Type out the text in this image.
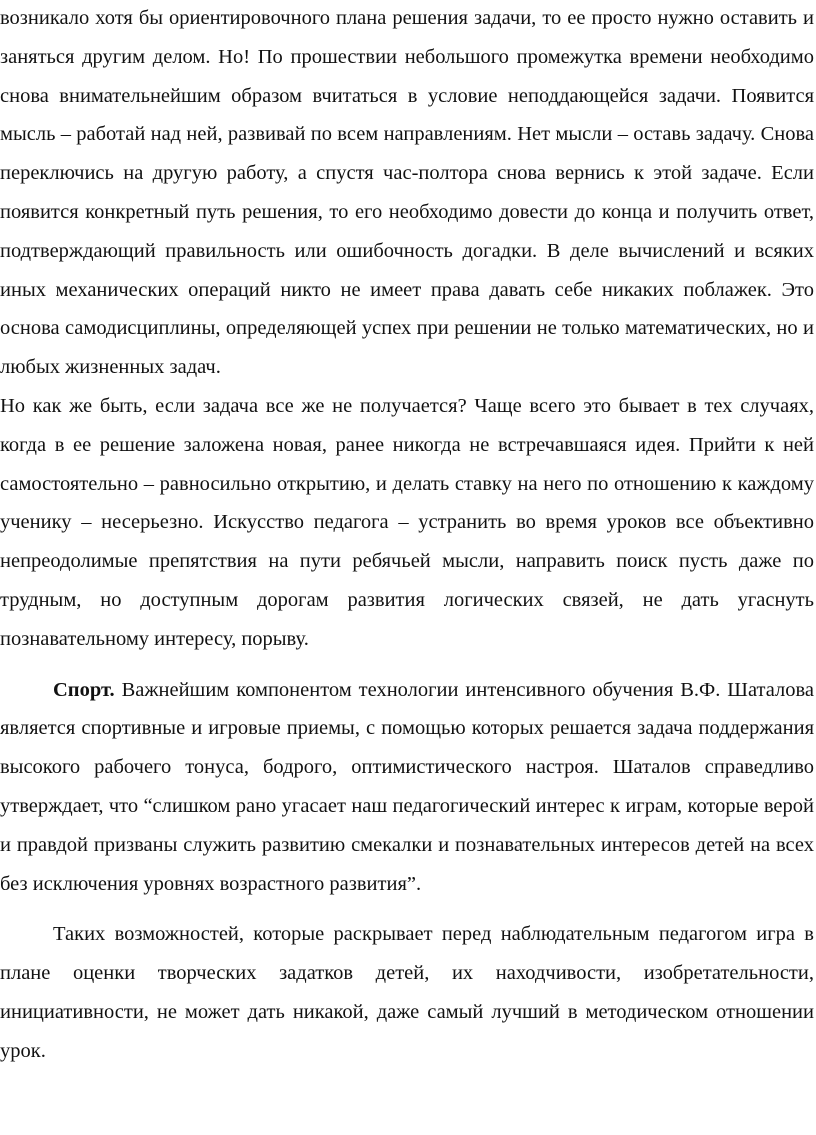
возникало хотя бы ориентировочного плана решения задачи, то ее просто нужно оставить и заняться другим делом. Но! По прошествии небольшого промежутка времени необходимо снова внимательнейшим образом вчитаться в условие неподдающейся задачи. Появится мысль – работай над ней, развивай по всем направлениям. Нет мысли – оставь задачу. Снова переключись на другую работу, а спустя час-полтора снова вернись к этой задаче. Если появится конкретный путь решения, то его необходимо довести до конца и получить ответ, подтверждающий правильность или ошибочность догадки. В деле вычислений и всяких иных механических операций никто не имеет права давать себе никаких поблажек. Это основа самодисциплины, определяющей успех при решении не только математических, но и любых жизненных задач.

Но как же быть, если задача все же не получается? Чаще всего это бывает в тех случаях, когда в ее решение заложена новая, ранее никогда не встречавшаяся идея. Прийти к ней самостоятельно – равносильно открытию, и делать ставку на него по отношению к каждому ученику – несерьезно. Искусство педагога – устранить во время уроков все объективно непреодолимые препятствия на пути ребячьей мысли, направить поиск пусть даже по трудным, но доступным дорогам развития логических связей, не дать угаснуть познавательному интересу, порыву.

Спорт. Важнейшим компонентом технологии интенсивного обучения В.Ф. Шаталова является спортивные и игровые приемы, с помощью которых решается задача поддержания высокого рабочего тонуса, бодрого, оптимистического настроя. Шаталов справедливо утверждает, что “слишком рано угасает наш педагогический интерес к играм, которые верой и правдой призваны служить развитию смекалки и познавательных интересов детей на всех без исключения уровнях возрастного развития”.

Таких возможностей, которые раскрывает перед наблюдательным педагогом игра в плане оценки творческих задатков детей, их находчивости, изобретательности, инициативности, не может дать никакой, даже самый лучший в методическом отношении урок.
